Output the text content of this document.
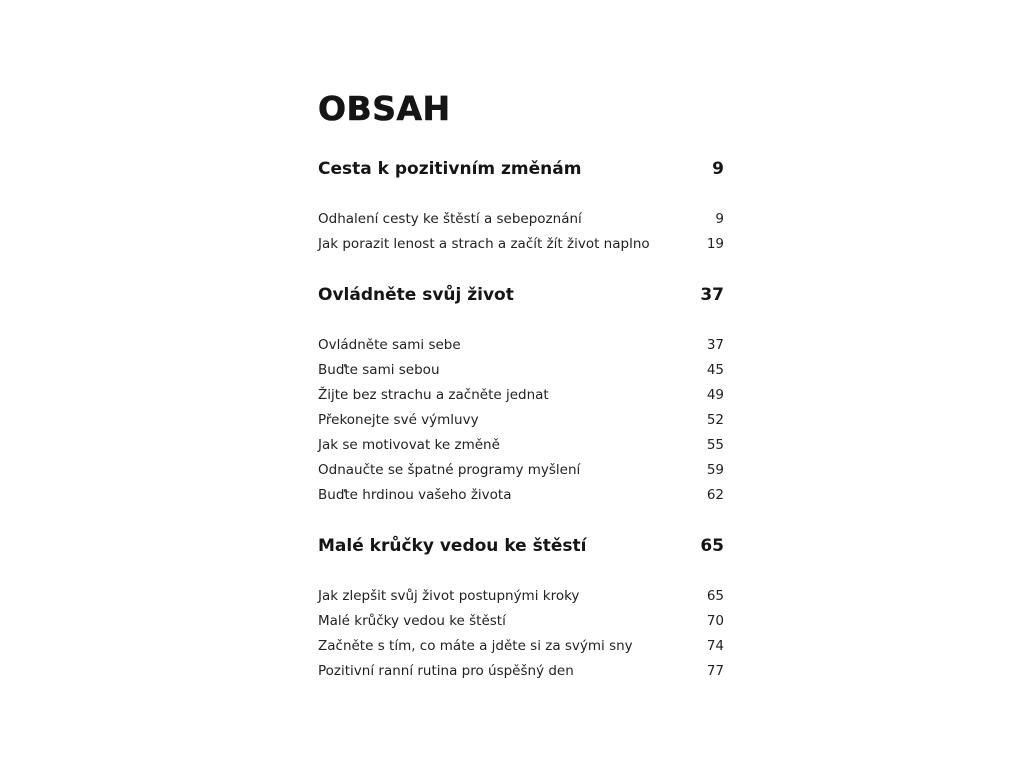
OBSAH
Cesta k pozitivním změnám	9
Odhalení cesty ke štěstí a sebepoznání	9
Jak porazit lenost a strach a začít žít život naplno	19
Ovládněte svůj život	37
Ovládněte sami sebe	37
Buďte sami sebou	45
Žijte bez strachu a začněte jednat	49
Překonejte své výmluvy	52
Jak se motivovat ke změně	55
Odnaučte se špatné programy myšlení	59
Buďte hrdinou vašeho života	62
Malé krůčky vedou ke štěstí	65
Jak zlepšit svůj život postupnými kroky	65
Malé krůčky vedou ke štěstí	70
Začněte s tím, co máte a jděte si za svými sny	74
Pozitivní ranní rutina pro úspěšný den	77
